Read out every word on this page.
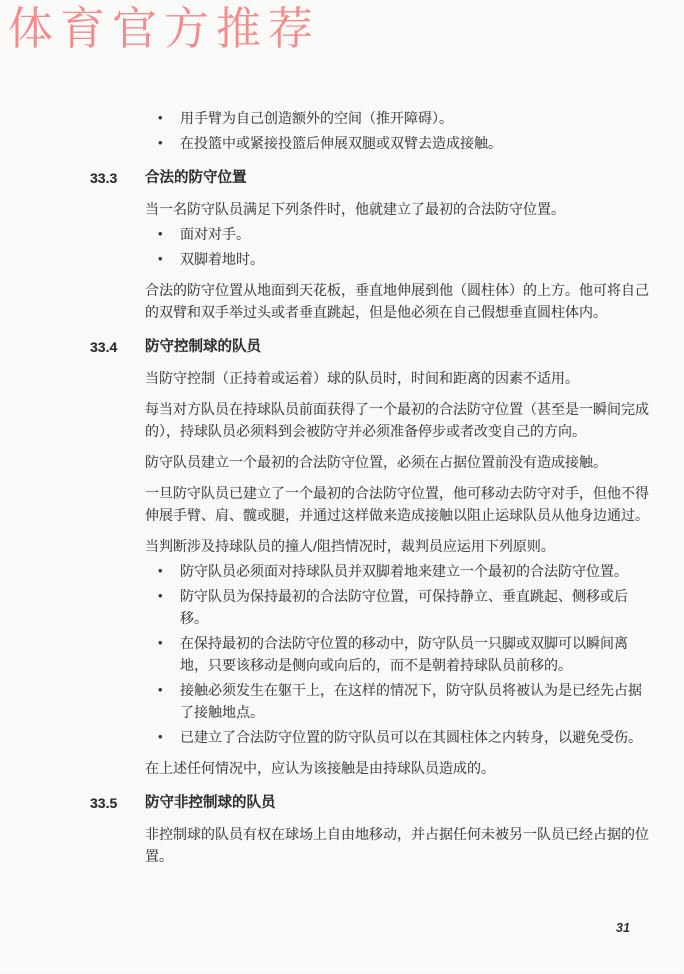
体育官方推荐
•	用手臂为自己创造额外的空间（推开障碍）。
•	在投篮中或紧接投篮后伸展双腿或双臂去造成接触。
33.3	合法的防守位置
当一名防守队员满足下列条件时，他就建立了最初的合法防守位置。
•	面对对手。
•	双脚着地时。
合法的防守位置从地面到天花板，垂直地伸展到他（圆柱体）的上方。他可将自己的双臂和双手举过头或者垂直跳起，但是他必须在自己假想垂直圆柱体内。
33.4	防守控制球的队员
当防守控制（正持着或运着）球的队员时，时间和距离的因素不适用。
每当对方队员在持球队员前面获得了一个最初的合法防守位置（甚至是一瞬间完成的），持球队员必须料到会被防守并必须准备停步或者改变自己的方向。
防守队员建立一个最初的合法防守位置，必须在占据位置前没有造成接触。
一旦防守队员已建立了一个最初的合法防守位置，他可移动去防守对手，但他不得伸展手臂、肩、髋或腿，并通过这样做来造成接触以阻止运球队员从他身边通过。
当判断涉及持球队员的撞人/阻挡情况时，裁判员应运用下列原则。
•	防守队员必须面对持球队员并双脚着地来建立一个最初的合法防守位置。
•	防守队员为保持最初的合法防守位置，可保持静立、垂直跳起、侧移或后移。
•	在保持最初的合法防守位置的移动中，防守队员一只脚或双脚可以瞬间离地，只要该移动是侧向或向后的，而不是朝着持球队员前移的。
•	接触必须发生在躯干上，在这样的情况下，防守队员将被认为是已经先占据了接触地点。
•	已建立了合法防守位置的防守队员可以在其圆柱体之内转身，以避免受伤。
在上述任何情况中，应认为该接触是由持球队员造成的。
33.5	防守非控制球的队员
非控制球的队员有权在球场上自由地移动，并占据任何未被另一队员已经占据的位置。
31
